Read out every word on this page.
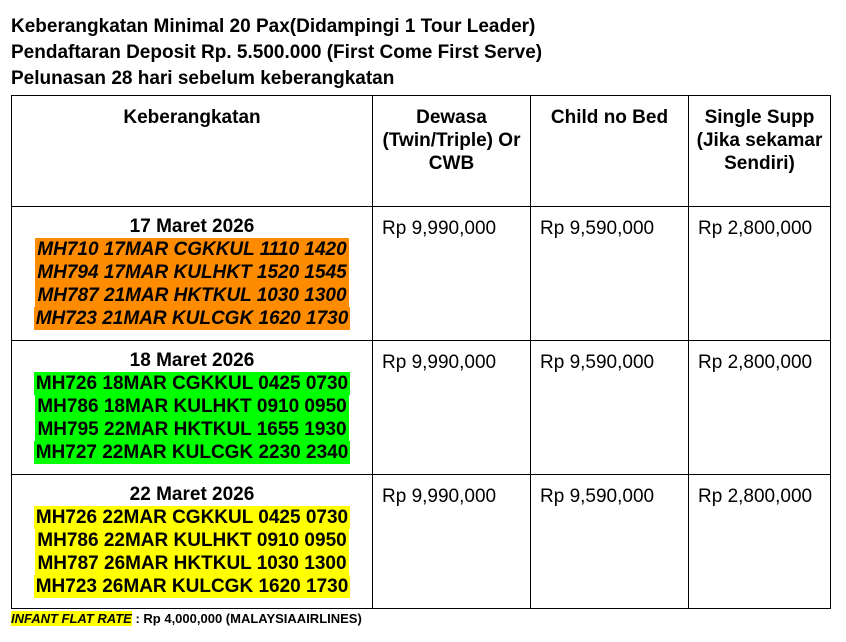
Keberangkatan Minimal 20 Pax(Didampingi 1 Tour Leader)
Pendaftaran Deposit Rp. 5.500.000 (First Come First Serve)
Pelunasan 28 hari sebelum keberangkatan
Keberangkatan	Dewasa (Twin/Triple) Or CWB	Child no Bed	Single Supp (Jika sekamar Sendiri)

17 Maret 2026
MH710 17MAR CGKKUL 1110 1420
MH794 17MAR KULHKT 1520 1545
MH787 21MAR HKTKUL 1030 1300
MH723 21MAR KULCGK 1620 1730	Rp 9,990,000	Rp 9,590,000	Rp 2,800,000

18 Maret 2026
MH726 18MAR CGKKUL 0425 0730
MH786 18MAR KULHKT 0910 0950
MH795 22MAR HKTKUL 1655 1930
MH727 22MAR KULCGK 2230 2340	Rp 9,990,000	Rp 9,590,000	Rp 2,800,000

22 Maret 2026
MH726 22MAR CGKKUL 0425 0730
MH786 22MAR KULHKT 0910 0950
MH787 26MAR HKTKUL 1030 1300
MH723 26MAR KULCGK 1620 1730	Rp 9,990,000	Rp 9,590,000	Rp 2,800,000
INFANT FLAT RATE : Rp 4,000,000 (MALAYSIAAIRLINES)
